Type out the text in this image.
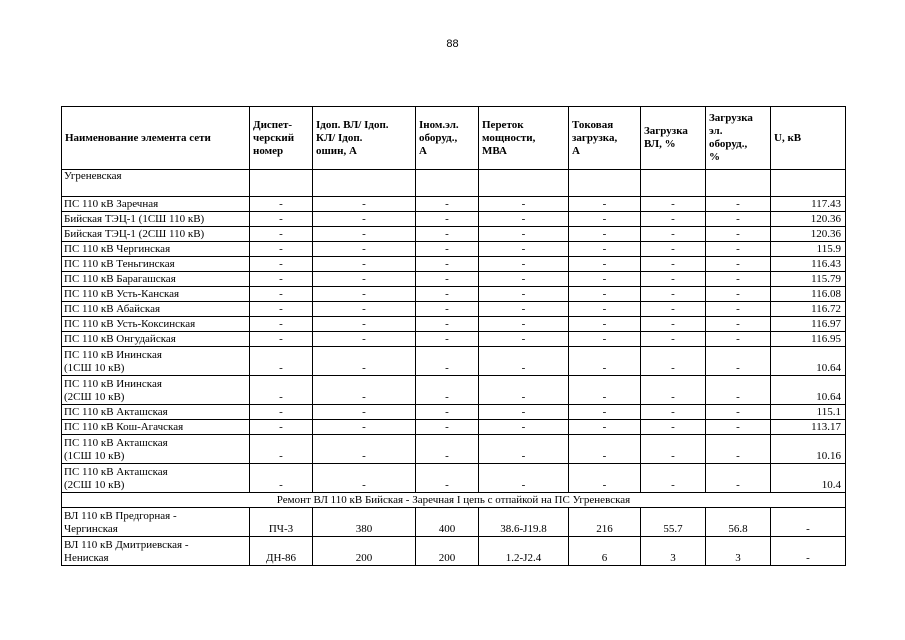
88
Наименование элемента сети	Диспет-
черский
номер	Iдоп. ВЛ/ Iдоп.
КЛ/ Iдоп.
ошин, А	Iном.эл.
оборуд.,
А	Переток
мощности,
МВА	Токовая
загрузка,
А	Загрузка
ВЛ, %	Загрузка
эл.
оборуд.,
%	U, кВ

Угреневская								
ПС 110 кВ Заречная	-	-	-	-	-	-	-	117.43
Бийская ТЭЦ-1 (1СШ 110 кВ)	-	-	-	-	-	-	-	120.36
Бийская ТЭЦ-1 (2СШ 110 кВ)	-	-	-	-	-	-	-	120.36
ПС 110 кВ Чергинская	-	-	-	-	-	-	-	115.9
ПС 110 кВ Теньгинская	-	-	-	-	-	-	-	116.43
ПС 110 кВ Барагашская	-	-	-	-	-	-	-	115.79
ПС 110 кВ Усть-Канская	-	-	-	-	-	-	-	116.08
ПС 110 кВ Абайская	-	-	-	-	-	-	-	116.72
ПС 110 кВ Усть-Коксинская	-	-	-	-	-	-	-	116.97
ПС 110 кВ Онгудайская	-	-	-	-	-	-	-	116.95

ПС 110 кВ Ининская
(1СШ 10 кВ)	-	-	-	-	-	-	-	10.64

ПС 110 кВ Ининская
(2СШ 10 кВ)	-	-	-	-	-	-	-	10.64
ПС 110 кВ Акташская	-	-	-	-	-	-	-	115.1
ПС 110 кВ Кош-Агачская	-	-	-	-	-	-	-	113.17

ПС 110 кВ Акташская
(1СШ 10 кВ)	-	-	-	-	-	-	-	10.16

ПС 110 кВ Акташская
(2СШ 10 кВ)	-	-	-	-	-	-	-	10.4
Ремонт ВЛ 110 кВ Бийская - Заречная I цепь с отпайкой на ПС Угреневская								

ВЛ 110 кВ Предгорная -
Чергинская	ПЧ-3	380	400	38.6-J19.8	216	55.7	56.8	-

ВЛ 110 кВ Дмитриевская -
Нениская	ДН-86	200	200	1.2-J2.4	6	3	3	-
